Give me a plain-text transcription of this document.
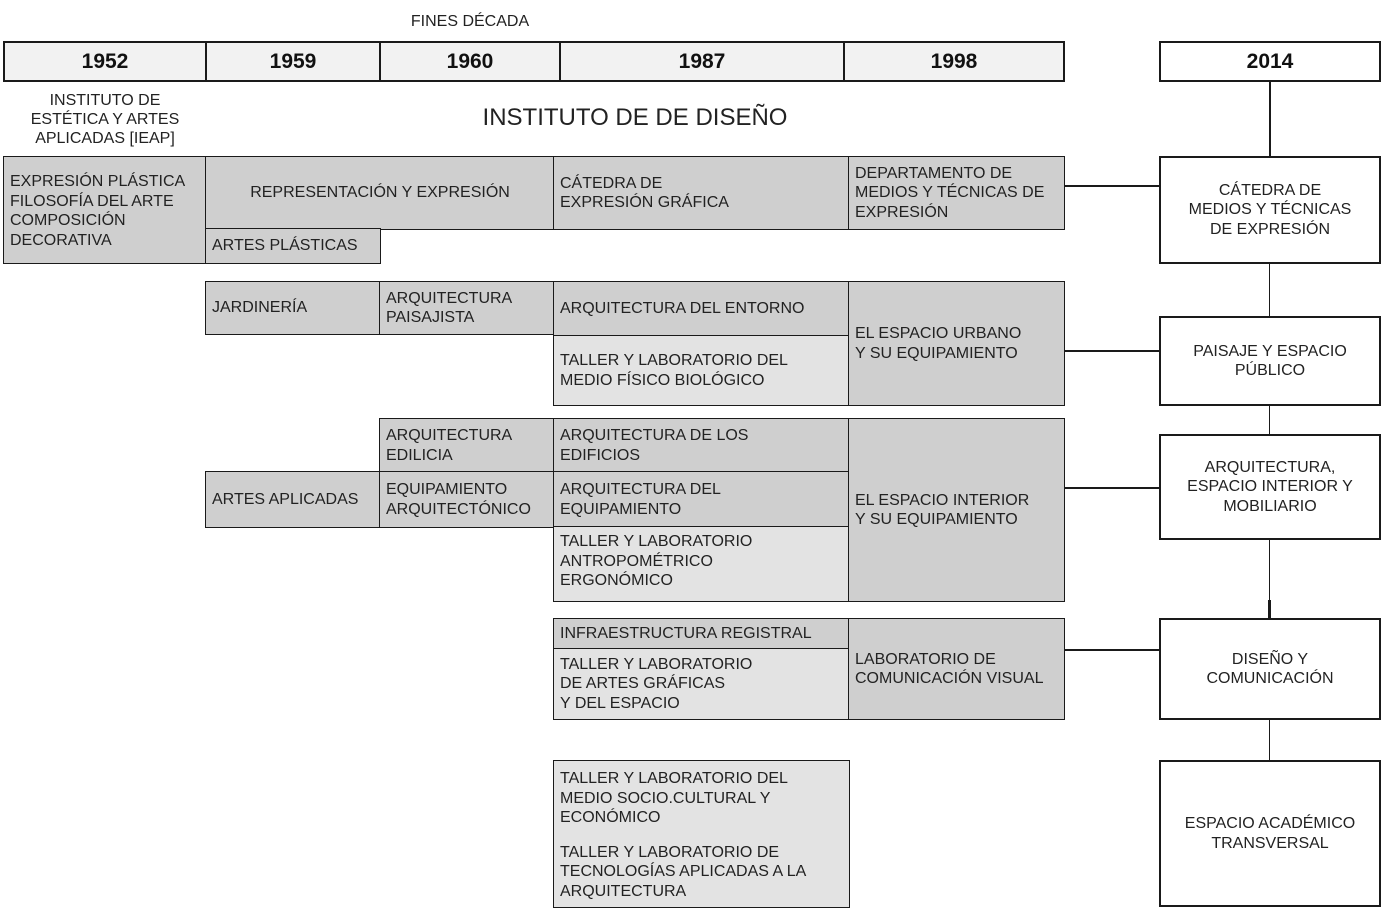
FINES DÉCADA
1952	1959	1960	1987	1998	2014
INSTITUTO DE
ESTÉTICA Y ARTES
APLICADAS [IEAP]
INSTITUTO DE DE DISEÑO
EXPRESIÓN PLÁSTICA
FILOSOFÍA DEL ARTE
COMPOSICIÓN
DECORATIVA
REPRESENTACIÓN Y EXPRESIÓN
ARTES PLÁSTICAS
CÁTEDRA DE
EXPRESIÓN GRÁFICA
DEPARTAMENTO DE
MEDIOS Y TÉCNICAS DE
EXPRESIÓN
JARDINERÍA
ARQUITECTURA
PAISAJISTA
ARQUITECTURA DEL ENTORNO
TALLER Y LABORATORIO DEL
MEDIO FÍSICO BIOLÓGICO
EL ESPACIO URBANO
Y SU EQUIPAMIENTO
ARQUITECTURA
EDILICIA
ARTES APLICADAS
EQUIPAMIENTO
ARQUITECTÓNICO
ARQUITECTURA DE LOS
EDIFICIOS
ARQUITECTURA DEL
EQUIPAMIENTO
TALLER Y LABORATORIO
ANTROPOMÉTRICO
ERGONÓMICO
EL ESPACIO INTERIOR
Y SU EQUIPAMIENTO
INFRAESTRUCTURA REGISTRAL
TALLER Y LABORATORIO
DE ARTES GRÁFICAS
Y DEL ESPACIO
LABORATORIO DE
COMUNICACIÓN VISUAL
TALLER Y LABORATORIO DEL
MEDIO SOCIO.CULTURAL Y
ECONÓMICO
TALLER Y LABORATORIO DE
TECNOLOGÍAS APLICADAS A LA
ARQUITECTURA
CÁTEDRA DE
MEDIOS Y TÉCNICAS
DE EXPRESIÓN
PAISAJE Y ESPACIO
PÚBLICO
ARQUITECTURA,
ESPACIO INTERIOR Y
MOBILIARIO
DISEÑO Y
COMUNICACIÓN
ESPACIO ACADÉMICO
TRANSVERSAL
